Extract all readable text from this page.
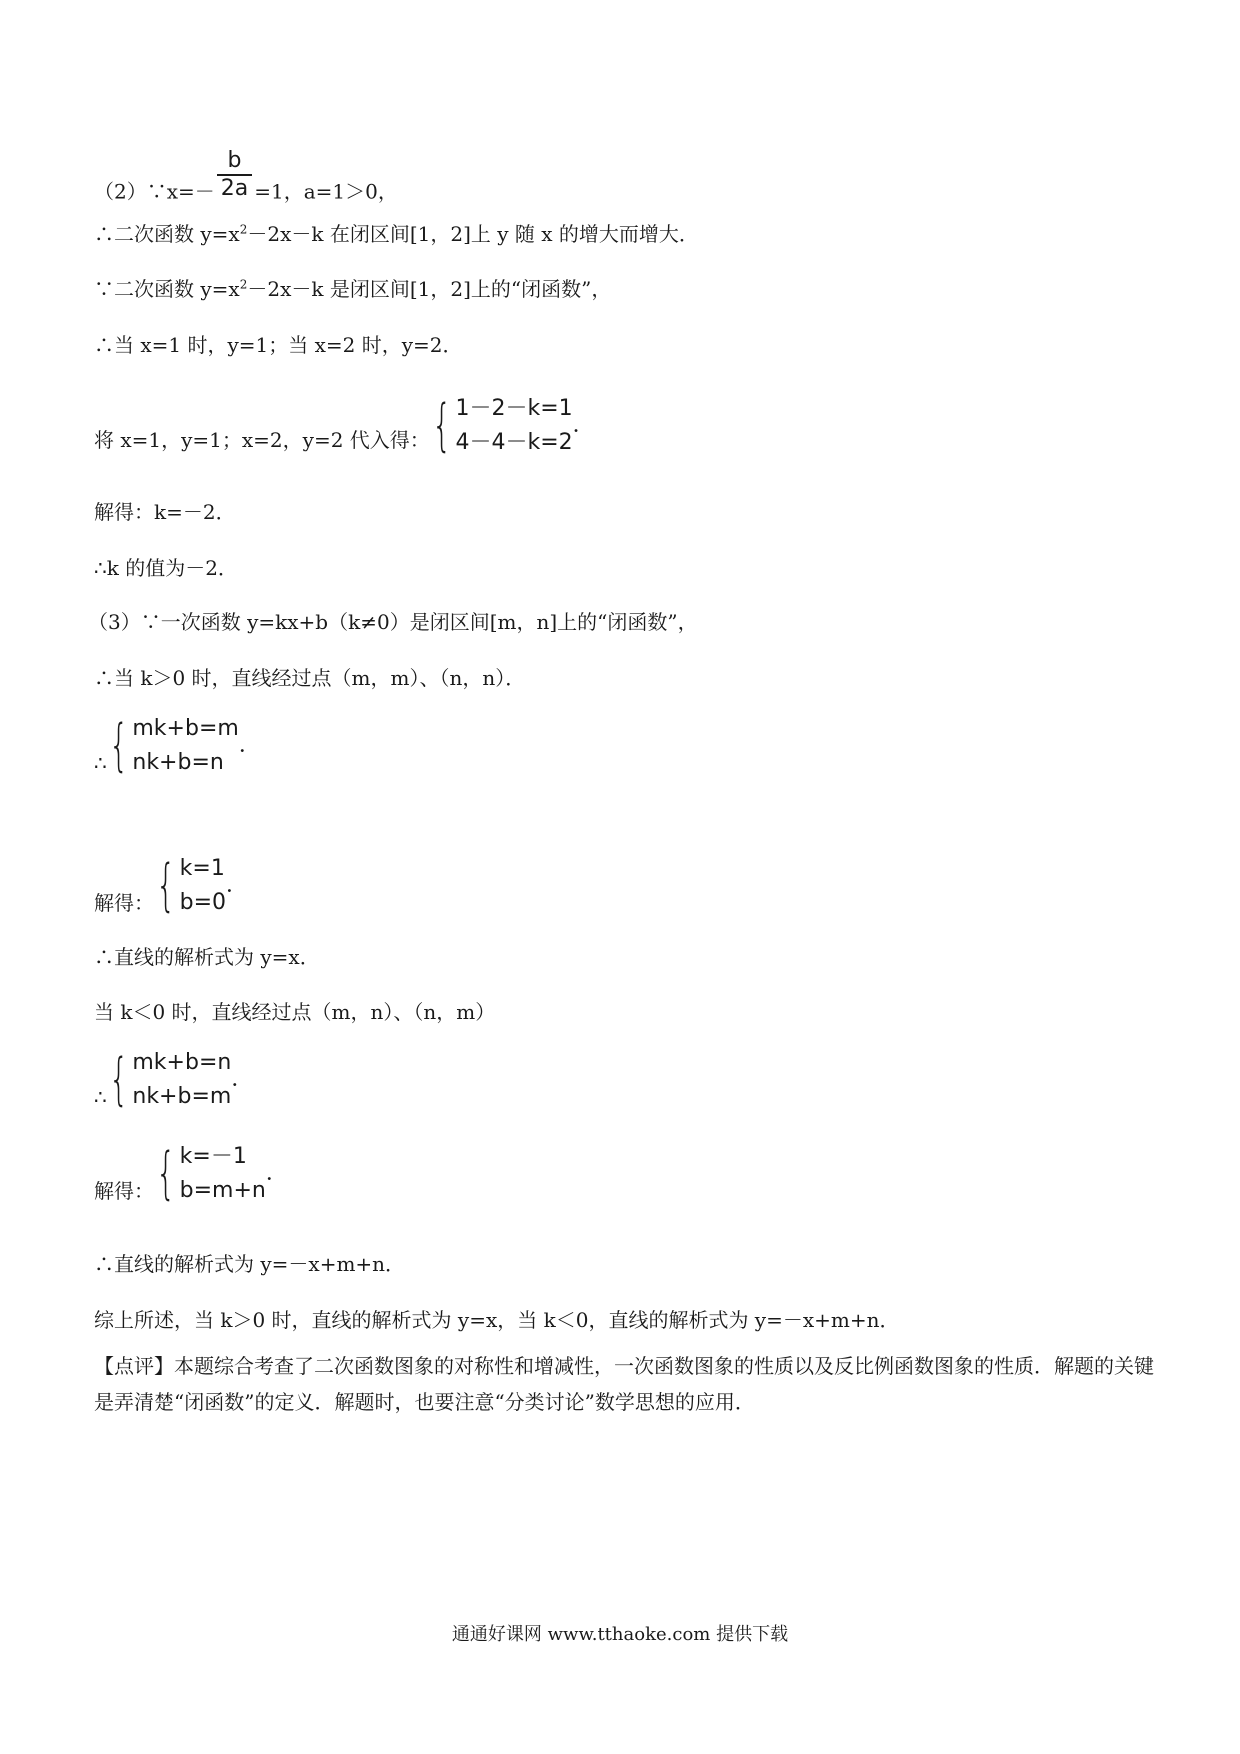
（2）∵x=－ $\frac{b}{2a} =1$，a=1＞0，
∴二次函数 $y=x^2-2x-k$ 在闭区间[1，2]上 y 随 x 的增大而增大．
∵二次函数 $y=x^2-2x-k$ 是闭区间[1，2]上的“闭函数”，
∴当 x=1 时，y=1；当 x=2 时，y=2．
将 x=1，y=1；x=2，y=2 代入得： { 1－2－k=1
4－4－k=2
．
解得：k=－2．
∴k 的值为－2．
（3）∵一次函数 y=kx+b（k≠0）是闭区间[m，n]上的“闭函数”，
∴当 k＞0 时，直线经过点（m，m）、（n，n）．
∴ { mk+b=m
nk+b=n
．
解得： { k=1
b=0
．
∴直线的解析式为 y=x．
当 k＜0 时，直线经过点（m，n）、（n，m）
∴ { mk+b=n
nk+b=m
．
解得： { k=－1
b=m+n
．
∴直线的解析式为 y=－x+m+n．
综上所述，当 k＞0 时，直线的解析式为 y=x，当 k＜0，直线的解析式为 y=－x+m+n．
【点评】本题综合考查了二次函数图象的对称性和增减性，一次函数图象的性质以及反比例函数图象的性质．解题的关键是弄清楚“闭函数”的定义．解题时，也要注意“分类讨论”数学思想的应用．
通通好课网 www.tthaoke.com 提供下载
